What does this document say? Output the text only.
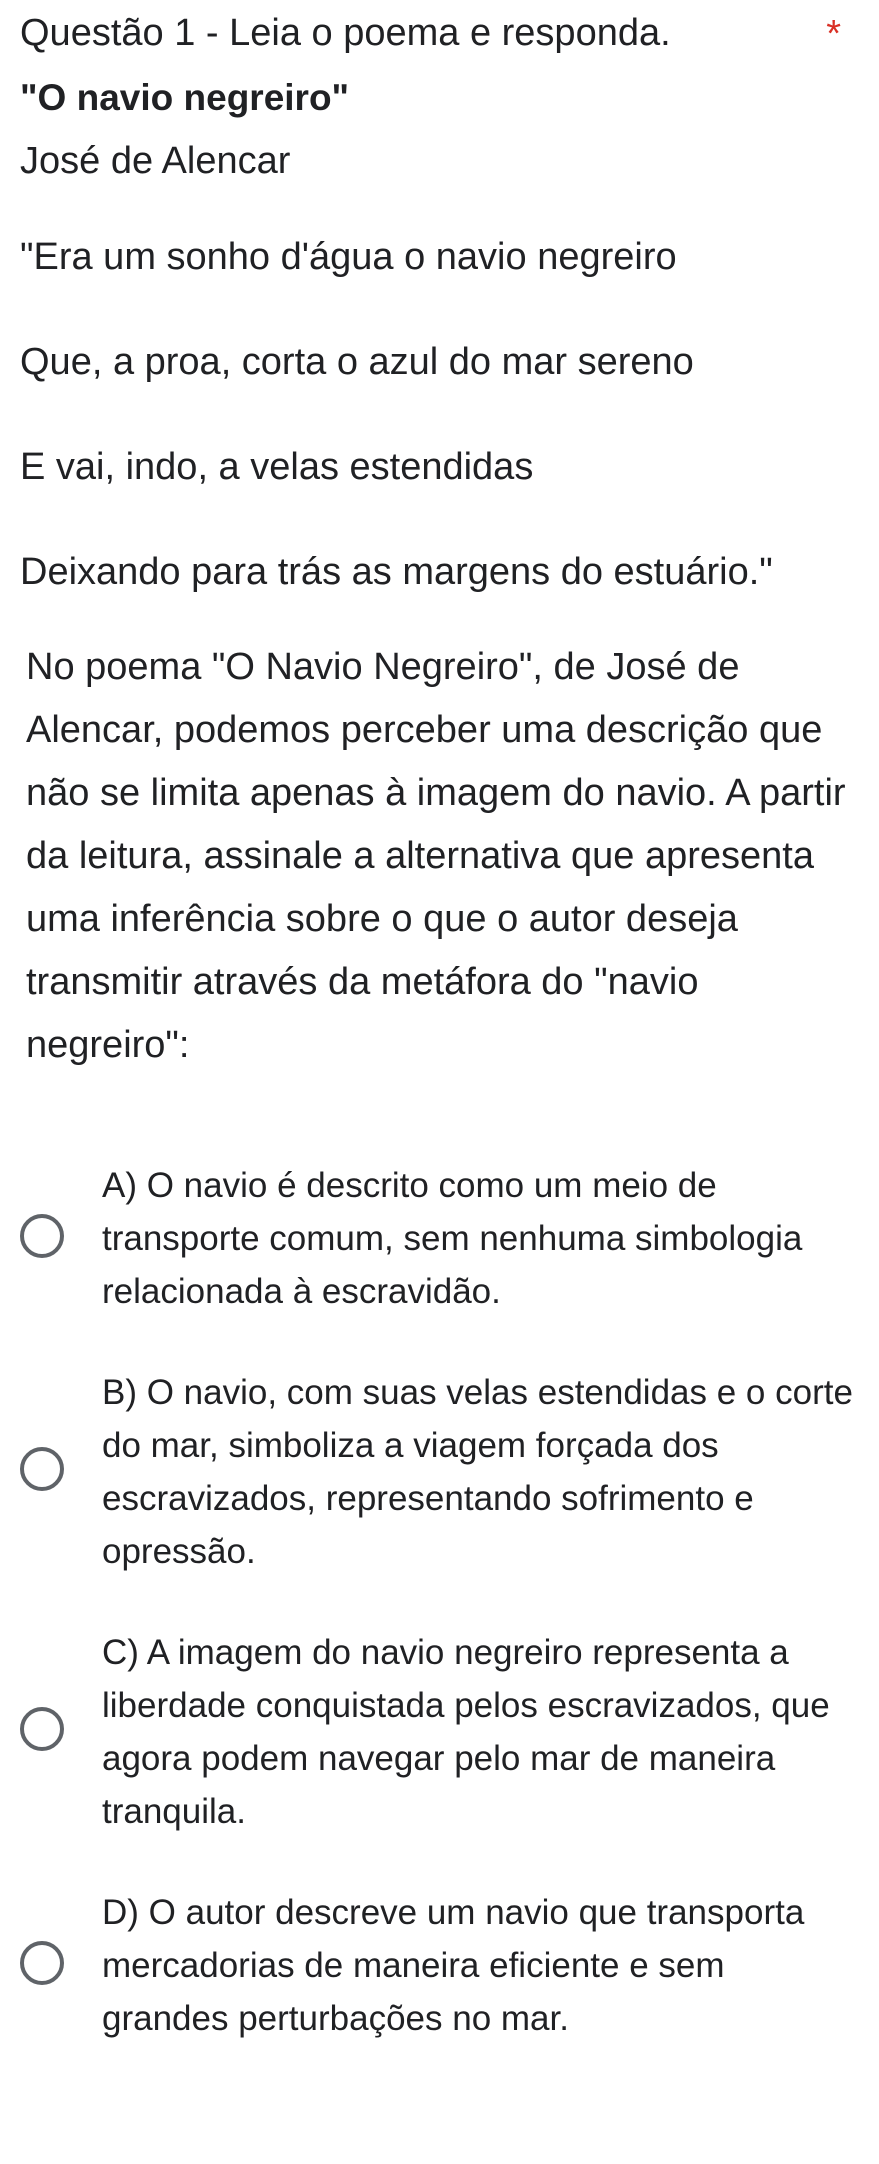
Questão 1 - Leia o poema e responda.	*
"O navio negreiro"
José de Alencar
"Era um sonho d'água o navio negreiro
Que, a proa, corta o azul do mar sereno
E vai, indo, a velas estendidas
Deixando para trás as margens do estuário."
No poema "O Navio Negreiro", de José de Alencar, podemos perceber uma descrição que não se limita apenas à imagem do navio. A partir da leitura, assinale a alternativa que apresenta uma inferência sobre o que o autor deseja transmitir através da metáfora do "navio negreiro":
A) O navio é descrito como um meio de transporte comum, sem nenhuma simbologia relacionada à escravidão.
B) O navio, com suas velas estendidas e o corte do mar, simboliza a viagem forçada dos escravizados, representando sofrimento e opressão.
C) A imagem do navio negreiro representa a liberdade conquistada pelos escravizados, que agora podem navegar pelo mar de maneira tranquila.
D) O autor descreve um navio que transporta mercadorias de maneira eficiente e sem grandes perturbações no mar.
